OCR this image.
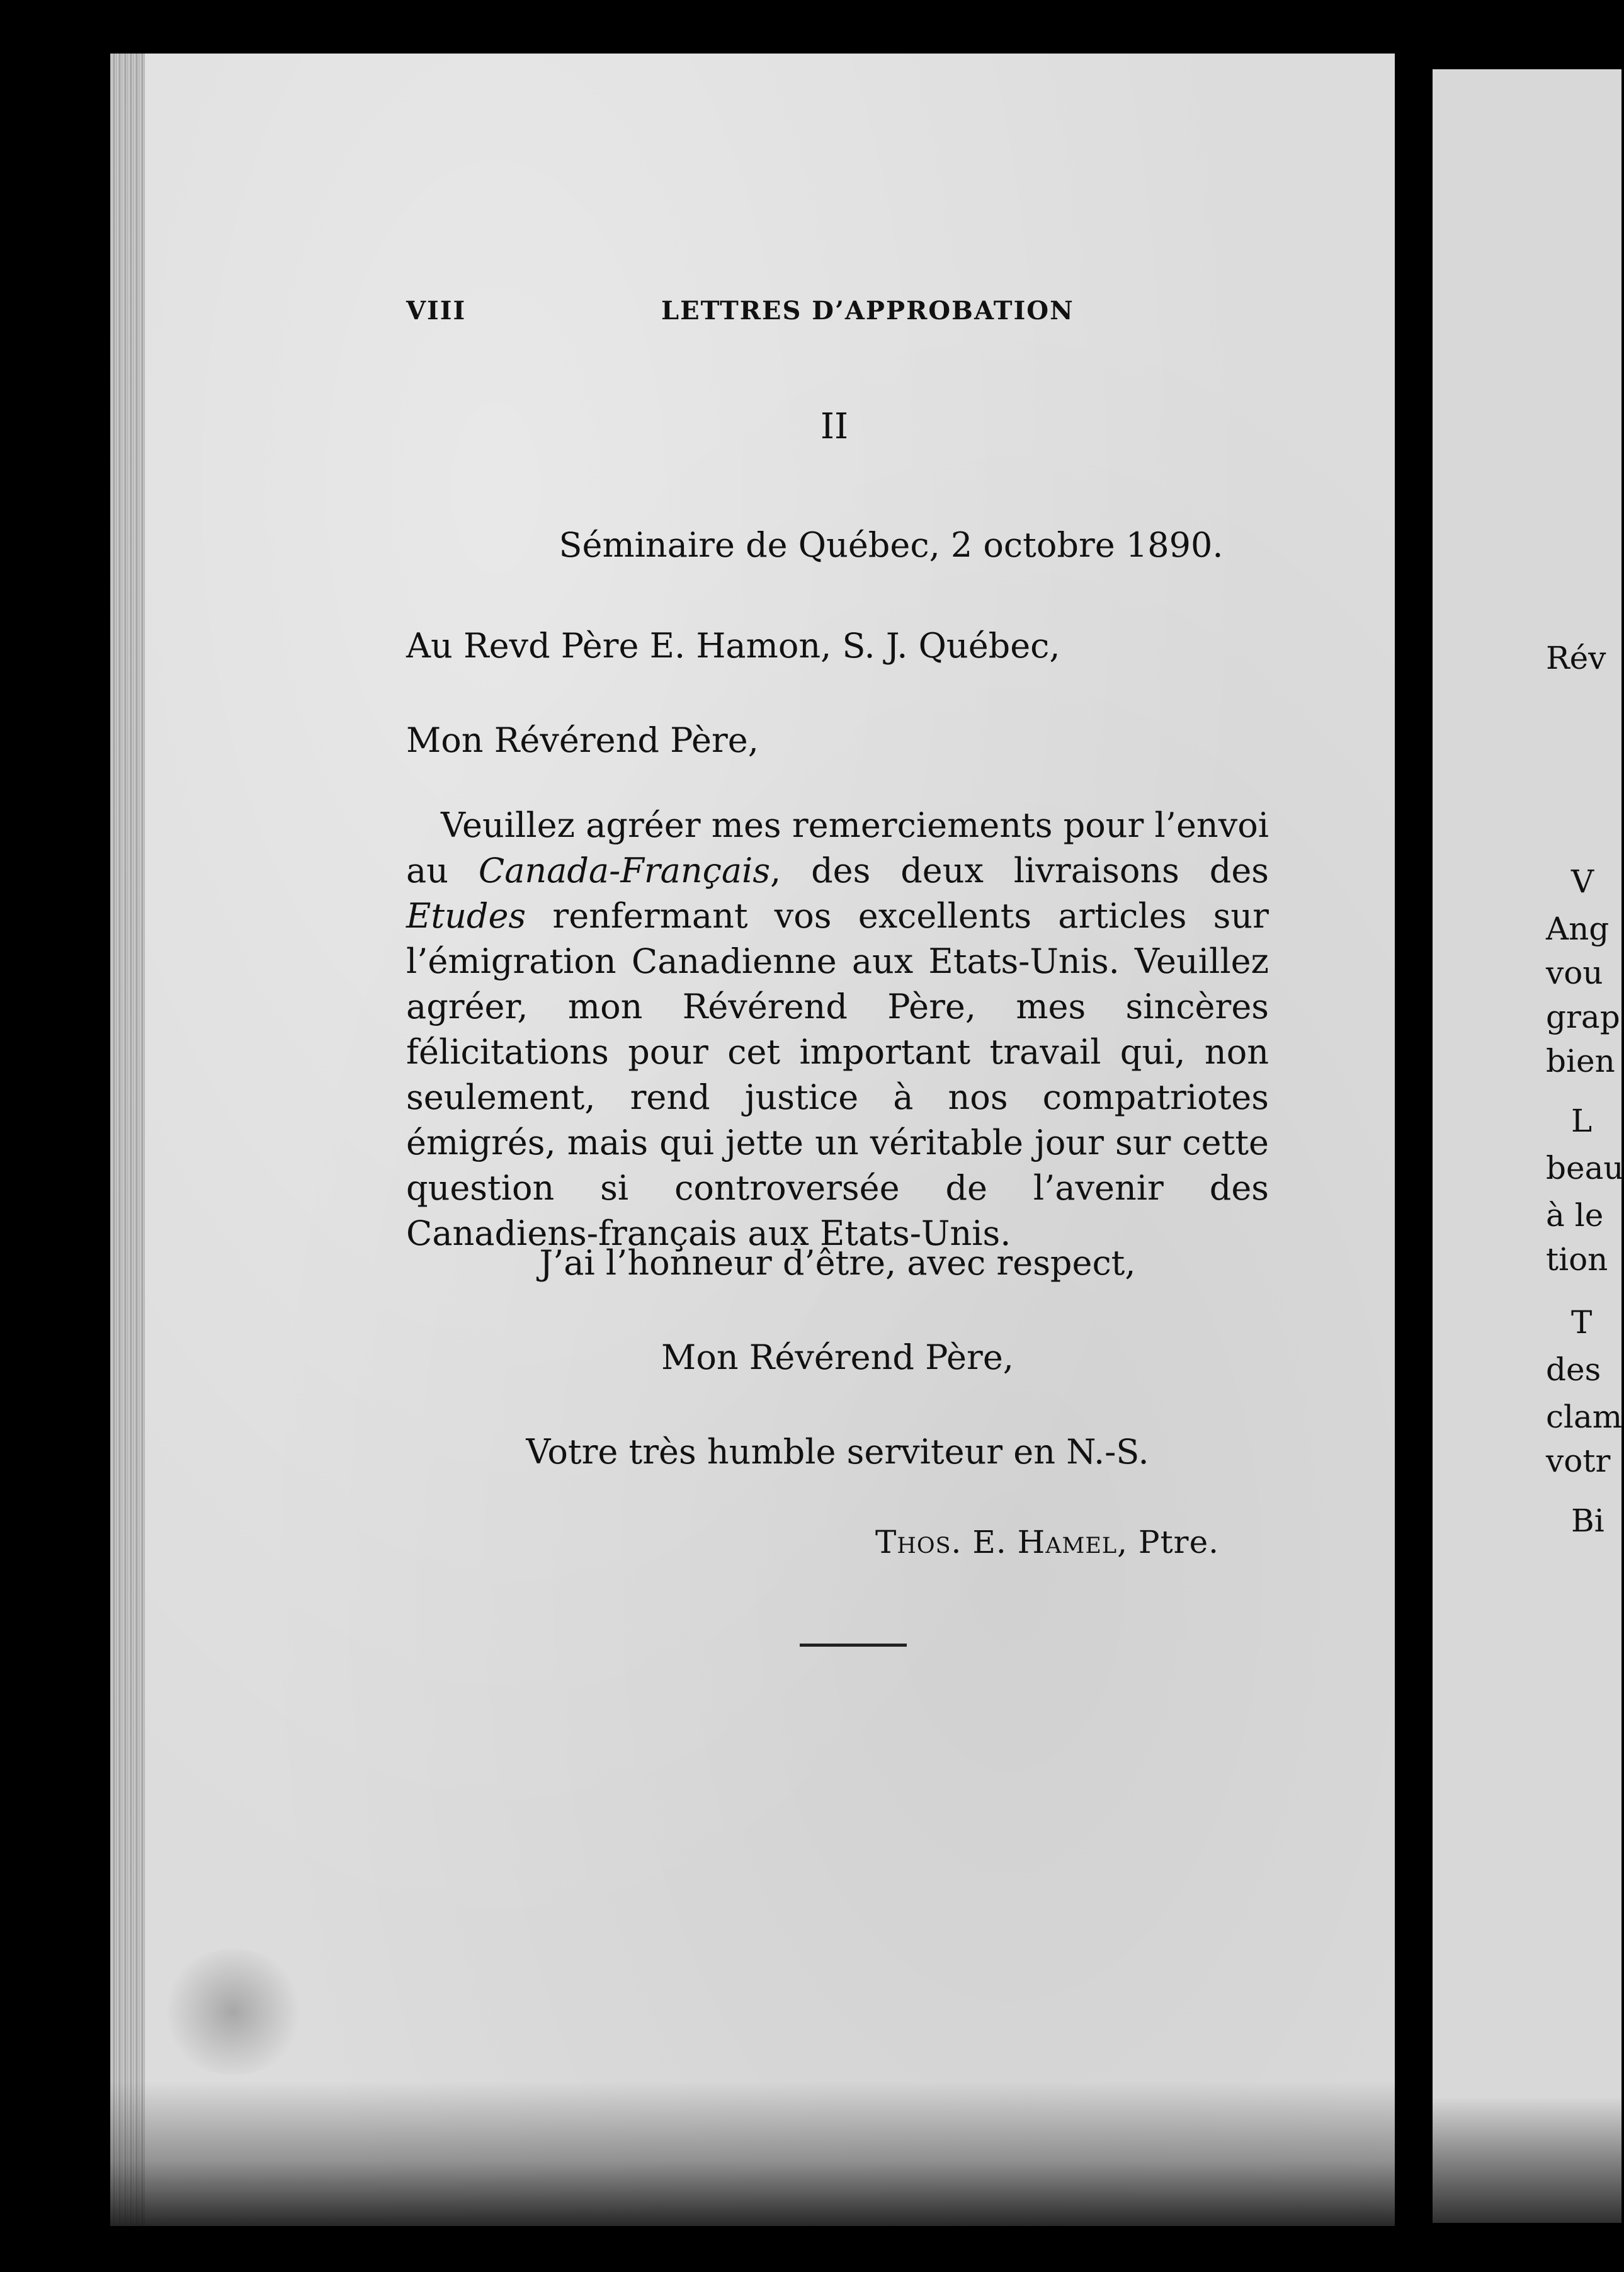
VIII	LETTRES D’APPROBATION
II
Séminaire de Québec, 2 octobre 1890.
Au Revd Père E. Hamon, S. J. Québec,
Mon Révérend Père,
Veuillez agréer mes remerciements pour l’envoi au Canada-Français, des deux livraisons des Etudes renfermant vos excellents articles sur l’émigration Canadienne aux Etats-Unis. Veuillez agréer, mon Révérend Père, mes sincères félicitations pour cet important travail qui, non seulement, rend justice à nos compatriotes émigrés, mais qui jette un véritable jour sur cette question si controversée de l’avenir des Canadiens-français aux Etats-Unis.
J’ai l’honneur d’être, avec respect,
Mon Révérend Père,
Votre très humble serviteur en N.-S.
Thos. E. Hamel, Ptre.
Rév
V
Ang
vou
grap
bien
L
beau
à le
tion
T
des
clam
votr
Bi
